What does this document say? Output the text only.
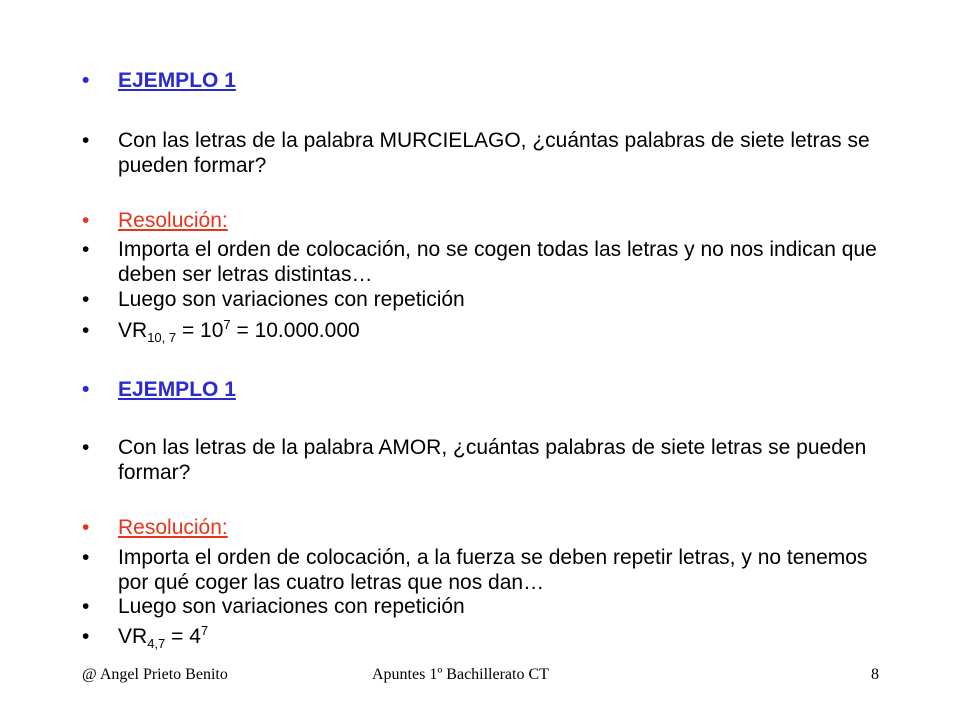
•	EJEMPLO 1
•	Con las letras de la palabra MURCIELAGO, ¿cuántas palabras de siete letras se pueden formar?
•	Resolución:
•	Importa el orden de colocación, no se cogen todas las letras y no nos indican que deben ser letras distintas…
•	Luego son variaciones con repetición
•	$VR_{10, 7} = 10^7 = 10.000.000$
•	EJEMPLO 1
•	Con las letras de la palabra AMOR, ¿cuántas palabras de siete letras se pueden formar?
•	Resolución:
•	Importa el orden de colocación, a la fuerza se deben repetir letras, y no tenemos por qué coger las cuatro letras que nos dan…
•	Luego son variaciones con repetición
•	$VR_{4,7} = 4^7$
@ Angel Prieto Benito	Apuntes 1º Bachillerato CT	8
